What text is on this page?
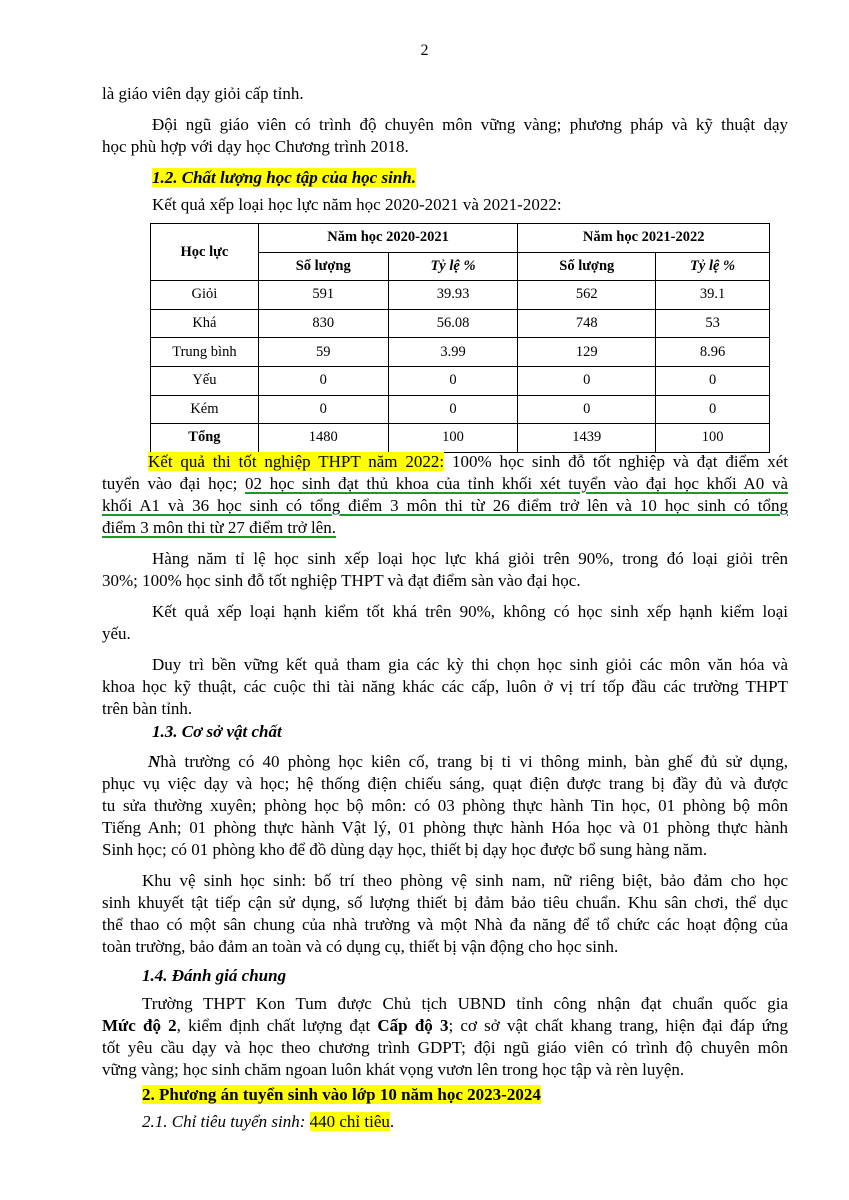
2
là giáo viên dạy giỏi cấp tỉnh.
Đội ngũ giáo viên có trình độ chuyên môn vững vàng; phương pháp và kỹ thuật dạy
học phù hợp với dạy học Chương trình 2018.
1.2. Chất lượng học tập của học sinh.
Kết quả xếp loại học lực năm học 2020-2021 và 2021-2022:
Học lực	Năm học 2020-2021		Năm học 2021-2022	
	Số lượng	Tỷ lệ %	Số lượng	Tỷ lệ %
Giỏi	591	39.93	562	39.1
Khá	830	56.08	748	53
Trung bình	59	3.99	129	8.96
Yếu	0	0	0	0
Kém	0	0	0	0
Tổng	1480	100	1439	100
Kết quả thi tốt nghiệp THPT năm 2022: 100% học sinh đỗ tốt nghiệp và đạt điểm xét
tuyển vào đại học; 02 học sinh đạt thủ khoa của tỉnh khối xét tuyển vào đại học khối A0 và
khối A1 và 36 học sinh có tổng điểm 3 môn thi từ 26 điểm trở lên và 10 học sinh có tổng
điểm 3 môn thi từ 27 điểm trở lên.
Hàng năm tỉ lệ học sinh xếp loại học lực khá giỏi trên 90%, trong đó loại giỏi trên
30%; 100% học sinh đỗ tốt nghiệp THPT và đạt điểm sàn vào đại học.
Kết quả xếp loại hạnh kiểm tốt khá trên 90%, không có học sinh xếp hạnh kiểm loại
yếu.
Duy trì bền vững kết quả tham gia các kỳ thi chọn học sinh giỏi các môn văn hóa và
khoa học kỹ thuật, các cuộc thi tài năng khác các cấp, luôn ở vị trí tốp đầu các trường THPT
trên bàn tỉnh.
1.3. Cơ sở vật chất
Nhà trường có 40 phòng học kiên cố, trang bị ti vi thông minh, bàn ghế đủ sử dụng,
phục vụ việc dạy và học; hệ thống điện chiếu sáng, quạt điện được trang bị đầy đủ và được
tu sửa thường xuyên; phòng học bộ môn: có 03 phòng thực hành Tin học, 01 phòng bộ môn
Tiếng Anh; 01 phòng thực hành Vật lý, 01 phòng thực hành Hóa học và 01 phòng thực hành
Sinh học; có 01 phòng kho để đồ dùng dạy học, thiết bị dạy học được bổ sung hàng năm.
Khu vệ sinh học sinh: bố trí theo phòng vệ sinh nam, nữ riêng biệt, bảo đảm cho học
sinh khuyết tật tiếp cận sử dụng, số lượng thiết bị đảm bảo tiêu chuẩn. Khu sân chơi, thể dục
thể thao có một sân chung của nhà trường và một Nhà đa năng để tổ chức các hoạt động của
toàn trường, bảo đảm an toàn và có dụng cụ, thiết bị vận động cho học sinh.
1.4. Đánh giá chung
Trường THPT Kon Tum được Chủ tịch UBND tỉnh công nhận đạt chuẩn quốc gia
Mức độ 2, kiểm định chất lượng đạt Cấp độ 3; cơ sở vật chất khang trang, hiện đại đáp ứng
tốt yêu cầu dạy và học theo chương trình GDPT; đội ngũ giáo viên có trình độ chuyên môn
vững vàng; học sinh chăm ngoan luôn khát vọng vươn lên trong học tập và rèn luyện.
2. Phương án tuyển sinh vào lớp 10 năm học 2023-2024
2.1. Chỉ tiêu tuyển sinh: 440 chỉ tiêu.
